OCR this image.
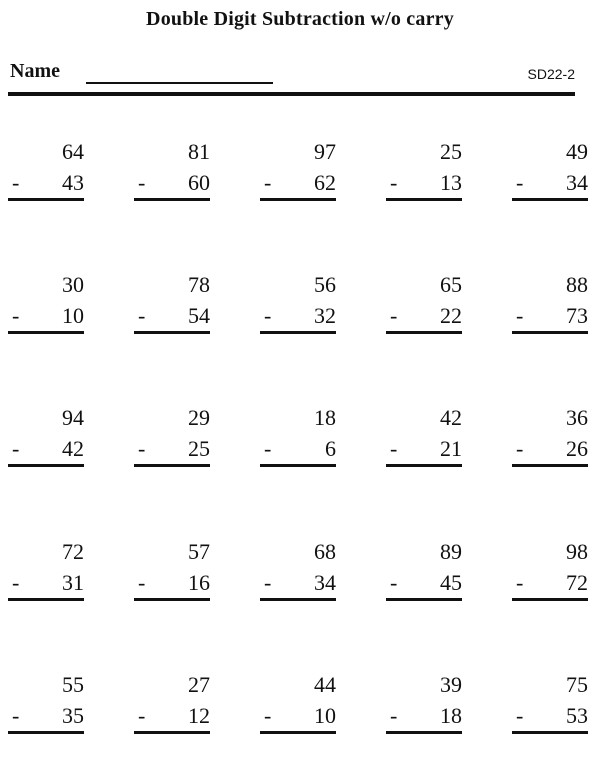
Double Digit Subtraction w/o carry
Name	SD22-2
64
- 43
81
- 60
97
- 62
25
- 13
49
- 34
30
- 10
78
- 54
56
- 32
65
- 22
88
- 73
94
- 42
29
- 25
18
- 6
42
- 21
36
- 26
72
- 31
57
- 16
68
- 34
89
- 45
98
- 72
55
- 35
27
- 12
44
- 10
39
- 18
75
- 53
